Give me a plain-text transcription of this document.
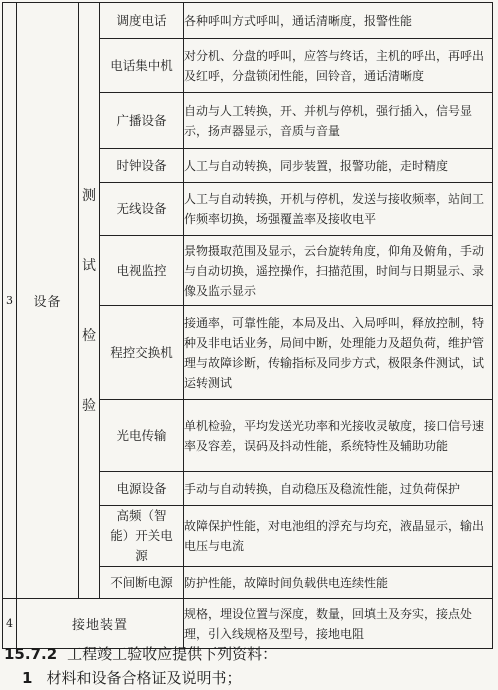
3	设备	测试检验	调度电话	各种呼叫方式呼叫，通话清晰度，报警性能
			电话集中机	对分机、分盘的呼叫，应答与终话，主机的呼出，再呼出及红呼，分盘锁闭性能，回铃音，通话清晰度
			广播设备	自动与人工转换，开、并机与停机，强行插入，信号显示，扬声器显示，音质与音量
			时钟设备	人工与自动转换，同步装置，报警功能，走时精度
			无线设备	人工与自动转换，开机与停机，发送与接收频率，站间工作频率切换，场强覆盖率及接收电平
			电视监控	景物摄取范围及显示，云台旋转角度，仰角及俯角，手动与自动切换，遥控操作，扫描范围，时间与日期显示、录像及监示显示
			程控交换机	接通率，可靠性能，本局及出、入局呼叫，释放控制，特种及非电话业务，局间中断，处理能力及超负荷，维护管理与故障诊断，传输指标及同步方式，极限条件测试，试运转测试
			光电传输	单机检验，平均发送光功率和光接收灵敏度，接口信号速率及容差，误码及抖动性能，系统特性及辅助功能
			电源设备	手动与自动转换，自动稳压及稳流性能，过负荷保护
			高频（智能）开关电源	故障保护性能，对电池组的浮充与均充，液晶显示，输出电压与电流
			不间断电源	防护性能，故障时间负载供电连续性能
4	接地装置			规格，埋设位置与深度，数量，回填土及夯实，接点处理，引入线规格及型号，接地电阻
15.7.2 工程竣工验收应提供下列资料：
1 材料和设备合格证及说明书；
